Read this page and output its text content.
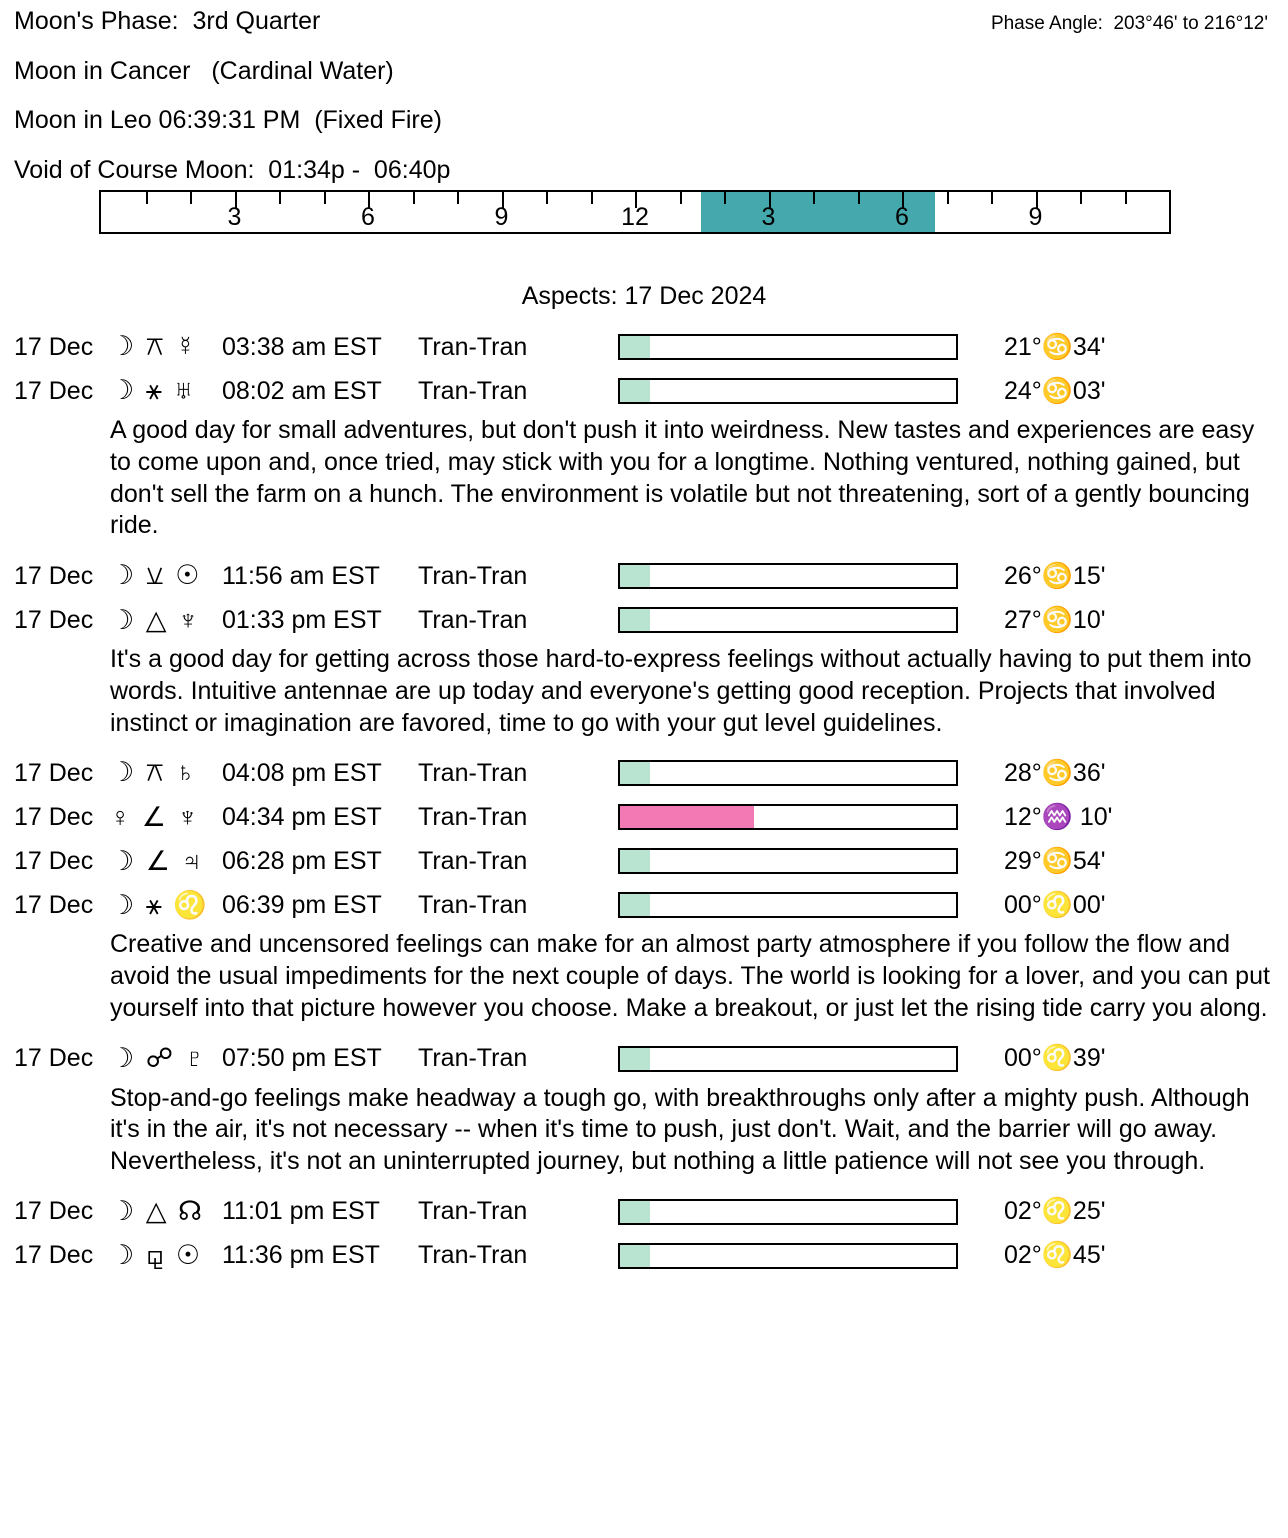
Moon's Phase:  3rd Quarter	Phase Angle:  203°46' to 216°12'
Moon in Cancer   (Cardinal Water)
Moon in Leo 06:39:31 PM  (Fixed Fire)
Void of Course Moon:  01:34p -  06:40p
3	6	9	12	3	6	9
Aspects: 17 Dec 2024
17 Dec ☽ ⚻ ☿ 03:38 am EST	Tran-Tran	21°♋34'
17 Dec ☽ ⚹ ♅	08:02 am EST	Tran-Tran	24°♋03'
A good day for small adventures, but don't push it into weirdness. New tastes and experiences are easy to come upon and, once tried, may stick with you for a longtime. Nothing ventured, nothing gained, but don't sell the farm on a hunch. The environment is volatile but not threatening, sort of a gently bouncing ride.
17 Dec ☽ ⚺ ☉ 11:56 am EST	Tran-Tran	26°♋15'
17 Dec ☽ △ ♆ 01:33 pm EST	Tran-Tran	27°♋10'
It's a good day for getting across those hard-to-express feelings without actually having to put them into words. Intuitive antennae are up today and everyone's getting good reception. Projects that involved instinct or imagination are favored, time to go with your gut level guidelines.
17 Dec ☽ ⚻ ♄ 04:08 pm EST	Tran-Tran	28°♋36'
17 Dec ♀ ∠ ♆ 04:34 pm EST	Tran-Tran	12°♒ 10'
17 Dec ☽ ∠ ♃ 06:28 pm EST	Tran-Tran	29°♋54'
17 Dec ☽ ⚹ ♌ 06:39 pm EST	Tran-Tran	00°♌00'
Creative and uncensored feelings can make for an almost party atmosphere if you follow the flow and avoid the usual impediments for the next couple of days. The world is looking for a lover, and you can put yourself into that picture however you choose. Make a breakout, or just let the rising tide carry you along.
17 Dec ☽ ☍ ♇ 07:50 pm EST	Tran-Tran	00°♌39'
Stop-and-go feelings make headway a tough go, with breakthroughs only after a mighty push. Although it's in the air, it's not necessary -- when it's time to push, just don't. Wait, and the barrier will go away. Nevertheless, it's not an uninterrupted journey, but nothing a little patience will not see you through.
17 Dec ☽ △ ☊ 11:01 pm EST	Tran-Tran	02°♌25'
17 Dec ☽ ⚼ ☉ 11:36 pm EST	Tran-Tran	02°♌45'
